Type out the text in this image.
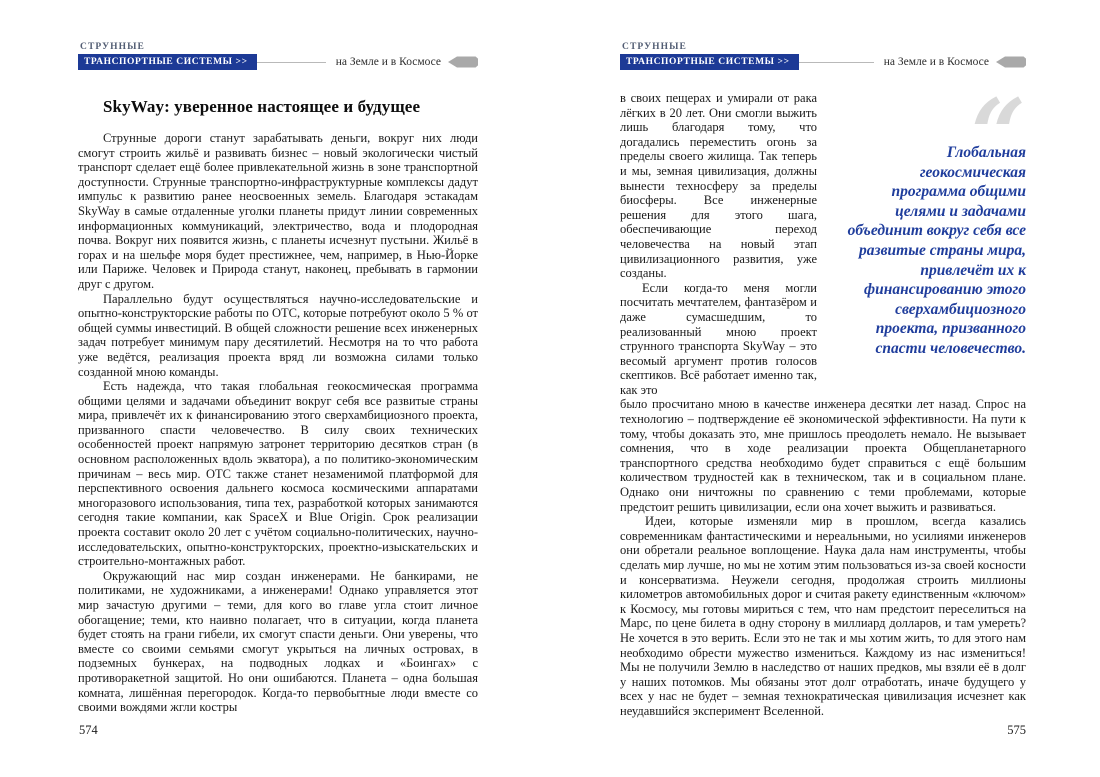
СТРУННЫЕ
ТРАНСПОРТНЫЕ СИСТЕМЫ >>	на Земле и в Космосе
SkyWay: уверенное настоящее и будущее

Струнные дороги станут зарабатывать деньги, вокруг них люди смогут строить жильё и развивать бизнес – новый экологически чистый транспорт сделает ещё более привлекательной жизнь в зоне транспортной доступности. Струнные транспортно-инфраструктурные комплексы дадут импульс к развитию ранее неосвоенных земель. Благодаря эстакадам SkyWay в самые отдаленные уголки планеты придут линии современных информационных коммуникаций, электричество, вода и плодородная почва. Вокруг них появится жизнь, с планеты исчезнут пустыни. Жильё в горах и на шельфе моря будет престижнее, чем, например, в Нью-Йорке или Париже. Человек и Природа станут, наконец, пребывать в гармонии друг с другом.

Параллельно будут осуществляться научно-исследовательские и опытно-конструкторские работы по ОТС, которые потребуют около 5 % от общей суммы инвестиций. В общей сложности решение всех инженерных задач потребует минимум пару десятилетий. Несмотря на то что работа уже ведётся, реализация проекта вряд ли возможна силами только созданной мною команды.

Есть надежда, что такая глобальная геокосмическая программа общими целями и задачами объединит вокруг себя все развитые страны мира, привлечёт их к финансированию этого сверхамбициозного проекта, призванного спасти человечество. В силу своих технических особенностей проект напрямую затронет территорию десятков стран (в основном расположенных вдоль экватора), а по политико-экономическим причинам – весь мир. ОТС также станет незаменимой платформой для перспективного освоения дальнего космоса космическими аппаратами многоразового использования, типа тех, разработкой которых занимаются сегодня такие компании, как SpaceX и Blue Origin. Срок реализации проекта составит около 20 лет с учётом социально-политических, научно-исследовательских, опытно-конструкторских, проектно-изыскательских и строительно-монтажных работ.

Окружающий нас мир создан инженерами. Не банкирами, не политиками, не художниками, а инженерами! Однако управляется этот мир зачастую другими – теми, для кого во главе угла стоит личное обогащение; теми, кто наивно полагает, что в ситуации, когда планета будет стоять на грани гибели, их смогут спасти деньги. Они уверены, что вместе со своими семьями смогут укрыться на личных островах, в подземных бункерах, на подводных лодках и «Боингах» с противоракетной защитой. Но они ошибаются. Планета – одна большая комната, лишённая перегородок. Когда-то первобытные люди вместе со своими вождями жгли костры

574
СТРУННЫЕ
ТРАНСПОРТНЫЕ СИСТЕМЫ >>	на Земле и в Космосе

в своих пещерах и умирали от рака лёгких в 20 лет. Они смогли выжить лишь благодаря тому, что догадались переместить огонь за пределы своего жилища. Так теперь и мы, земная цивилизация, должны вынести техносферу за пределы биосферы. Все инженерные решения для этого шага, обеспечивающие переход человечества на новый этап цивилизационного развития, уже созданы.

Если когда-то меня могли посчитать мечтателем, фантазёром и даже сумасшедшим, то реализованный мною проект струнного транспорта SkyWay – это весомый аргумент против голосов скептиков. Всё работает именно так, как это

Глобальная геокосмическая программа общими целями и задачами объединит вокруг себя все развитые страны мира, привлечёт их к финансированию этого сверхамбициозного проекта, призванного спасти человечество.

было просчитано мною в качестве инженера десятки лет назад. Спрос на технологию – подтверждение её экономической эффективности. На пути к тому, чтобы доказать это, мне пришлось преодолеть немало. Не вызывает сомнения, что в ходе реализации проекта Общепланетарного транспортного средства необходимо будет справиться с ещё большим количеством трудностей как в техническом, так и в социальном плане. Однако они ничтожны по сравнению с теми проблемами, которые предстоит решить цивилизации, если она хочет выжить и развиваться.

Идеи, которые изменяли мир в прошлом, всегда казались современникам фантастическими и нереальными, но усилиями инженеров они обретали реальное воплощение. Наука дала нам инструменты, чтобы сделать мир лучше, но мы не хотим этим пользоваться из-за своей косности и консерватизма. Неужели сегодня, продолжая строить миллионы километров автомобильных дорог и считая ракету единственным «ключом» к Космосу, мы готовы мириться с тем, что нам предстоит переселиться на Марс, по цене билета в одну сторону в миллиард долларов, и там умереть? Не хочется в это верить. Если это не так и мы хотим жить, то для этого нам необходимо обрести мужество измениться. Каждому из нас измениться! Мы не получили Землю в наследство от наших предков, мы взяли её в долг у наших потомков. Мы обязаны этот долг отработать, иначе будущего у всех у нас не будет – земная технократическая цивилизация исчезнет как неудавшийся эксперимент Вселенной.

575
